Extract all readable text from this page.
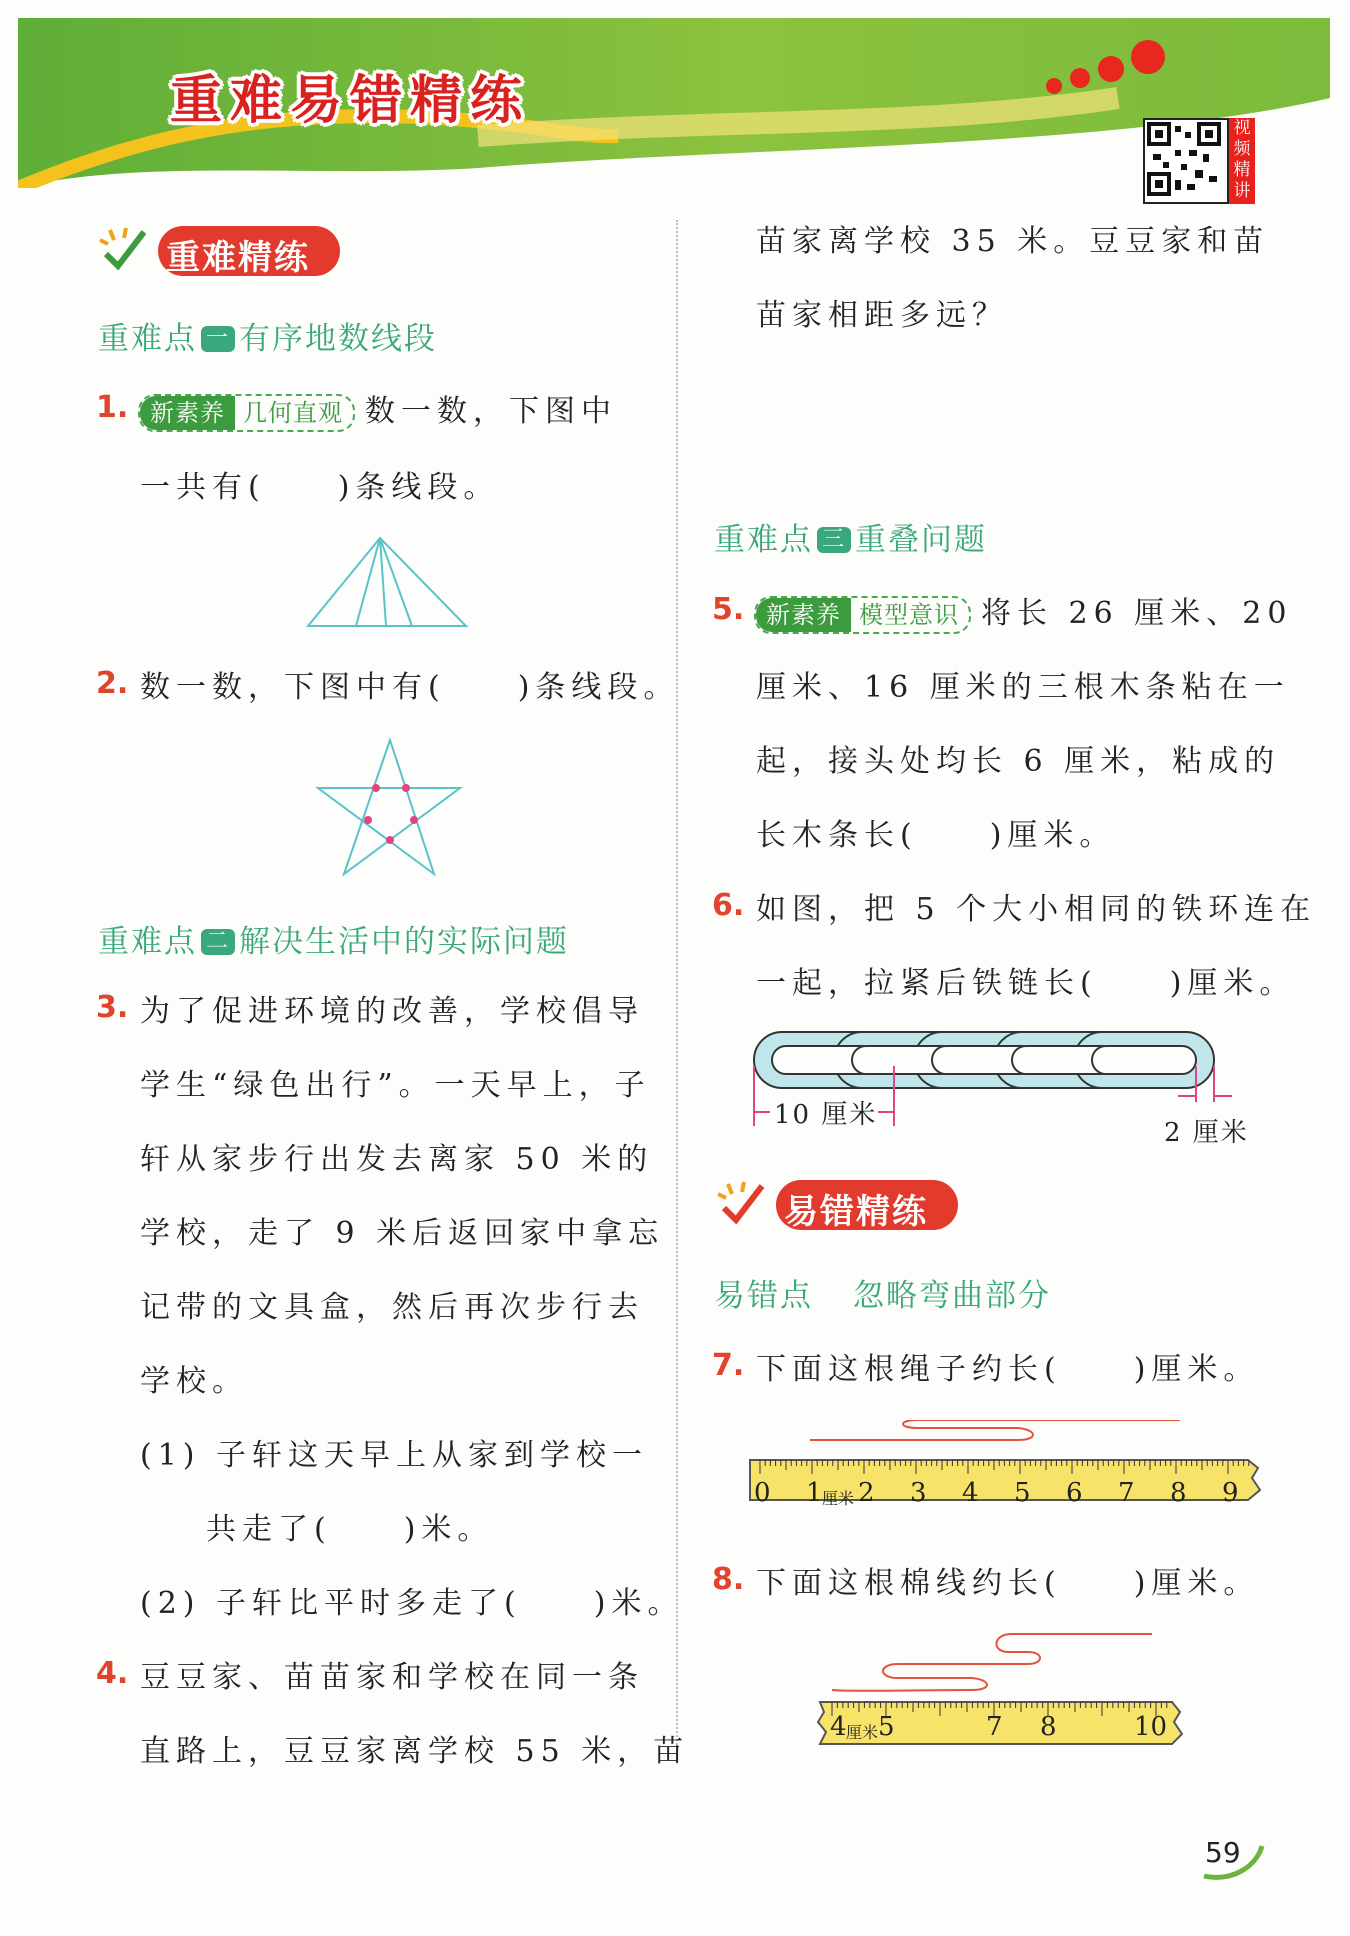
重难易错精练	视频精讲
重难精练
重难点 一 有序地数线段
1. 新素养 几何直观 数一数，下图中
一共有(　　)条线段。
2. 数一数，下图中有(　　)条线段。
重难点 二 解决生活中的实际问题
3. 为了促进环境的改善，学校倡导
学生“绿色出行”。一天早上，子
轩从家步行出发去离家 50 米的
学校，走了 9 米后返回家中拿忘
记带的文具盒，然后再次步行去
学校。
(1) 子轩这天早上从家到学校一
共走了(　　)米。
(2) 子轩比平时多走了(　　)米。
4. 豆豆家、苗苗家和学校在同一条
直路上，豆豆家离学校 55 米，苗
苗家离学校 35 米。豆豆家和苗
苗家相距多远？
重难点 三 重叠问题
5. 新素养 模型意识 将长 26 厘米、20
厘米、16 厘米的三根木条粘在一
起，接头处均长 6 厘米，粘成的
长木条长(　　)厘米。
6. 如图，把 5 个大小相同的铁环连在
一起，拉紧后铁链长(　　)厘米。
10 厘米
2 厘米
易错精练
易错点 忽略弯曲部分
7. 下面这根绳子约长(　　)厘米。
0 1 厘米 2 3 4 5 6 7 8 9
8. 下面这根棉线约长(　　)厘米。
4 厘米 5	7 8	10
59
